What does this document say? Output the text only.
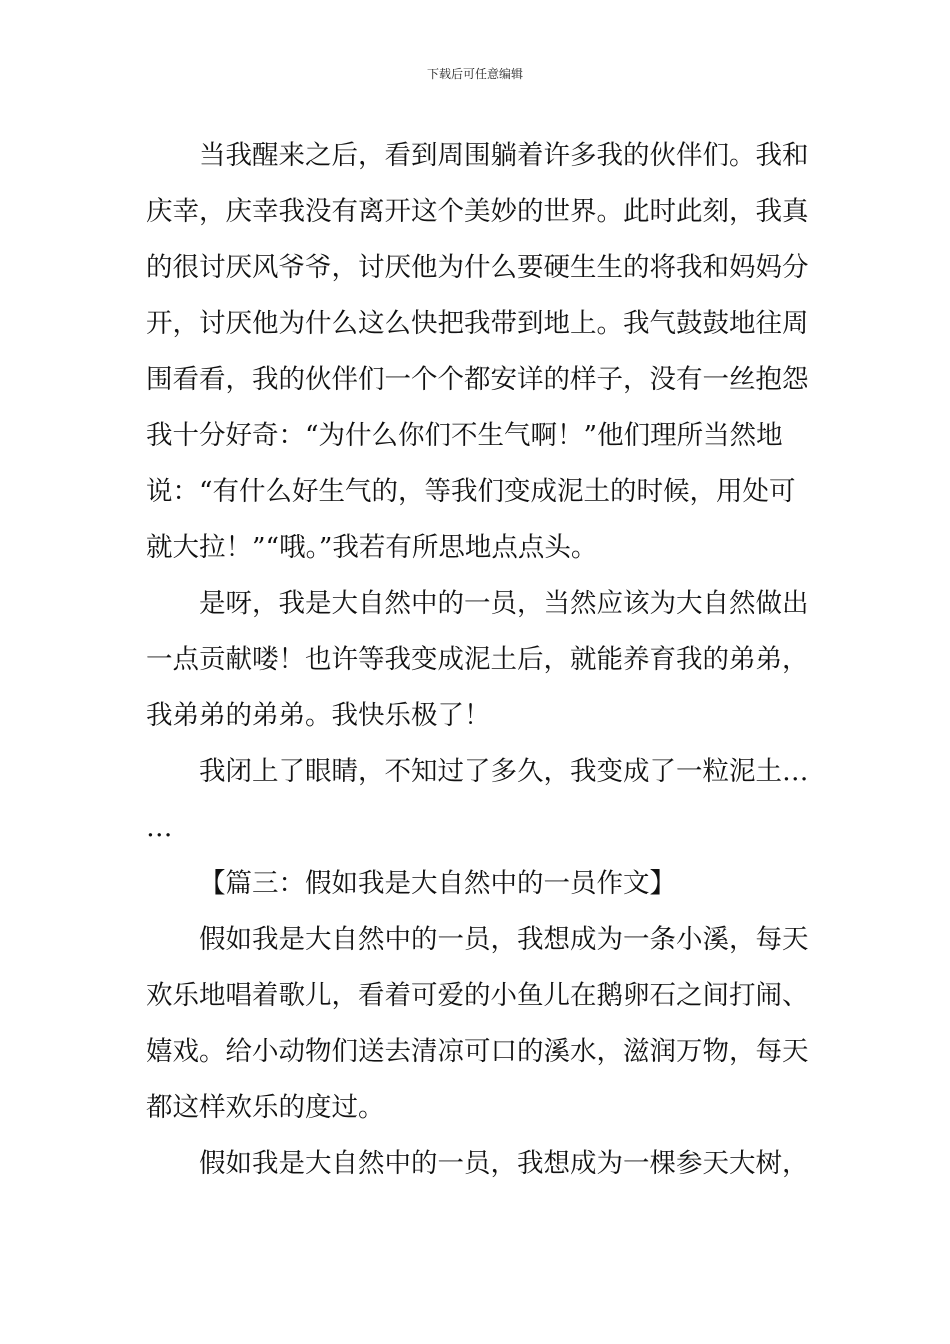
下载后可任意编辑
当我醒来之后，看到周围躺着许多我的伙伴们。我和
庆幸，庆幸我没有离开这个美妙的世界。此时此刻，我真
的很讨厌风爷爷，讨厌他为什么要硬生生的将我和妈妈分
开，讨厌他为什么这么快把我带到地上。我气鼓鼓地往周
围看看，我的伙伴们一个个都安详的样子，没有一丝抱怨
我十分好奇：“为什么你们不生气啊！”他们理所当然地
说：“有什么好生气的，等我们变成泥土的时候，用处可
就大拉！”“哦。”我若有所思地点点头。
是呀，我是大自然中的一员，当然应该为大自然做出
一点贡献喽！也许等我变成泥土后，就能养育我的弟弟，
我弟弟的弟弟。我快乐极了！
我闭上了眼睛，不知过了多久，我变成了一粒泥土…
…
【篇三：假如我是大自然中的一员作文】
假如我是大自然中的一员，我想成为一条小溪，每天
欢乐地唱着歌儿，看着可爱的小鱼儿在鹅卵石之间打闹、
嬉戏。给小动物们送去清凉可口的溪水，滋润万物，每天
都这样欢乐的度过。
假如我是大自然中的一员，我想成为一棵参天大树，
